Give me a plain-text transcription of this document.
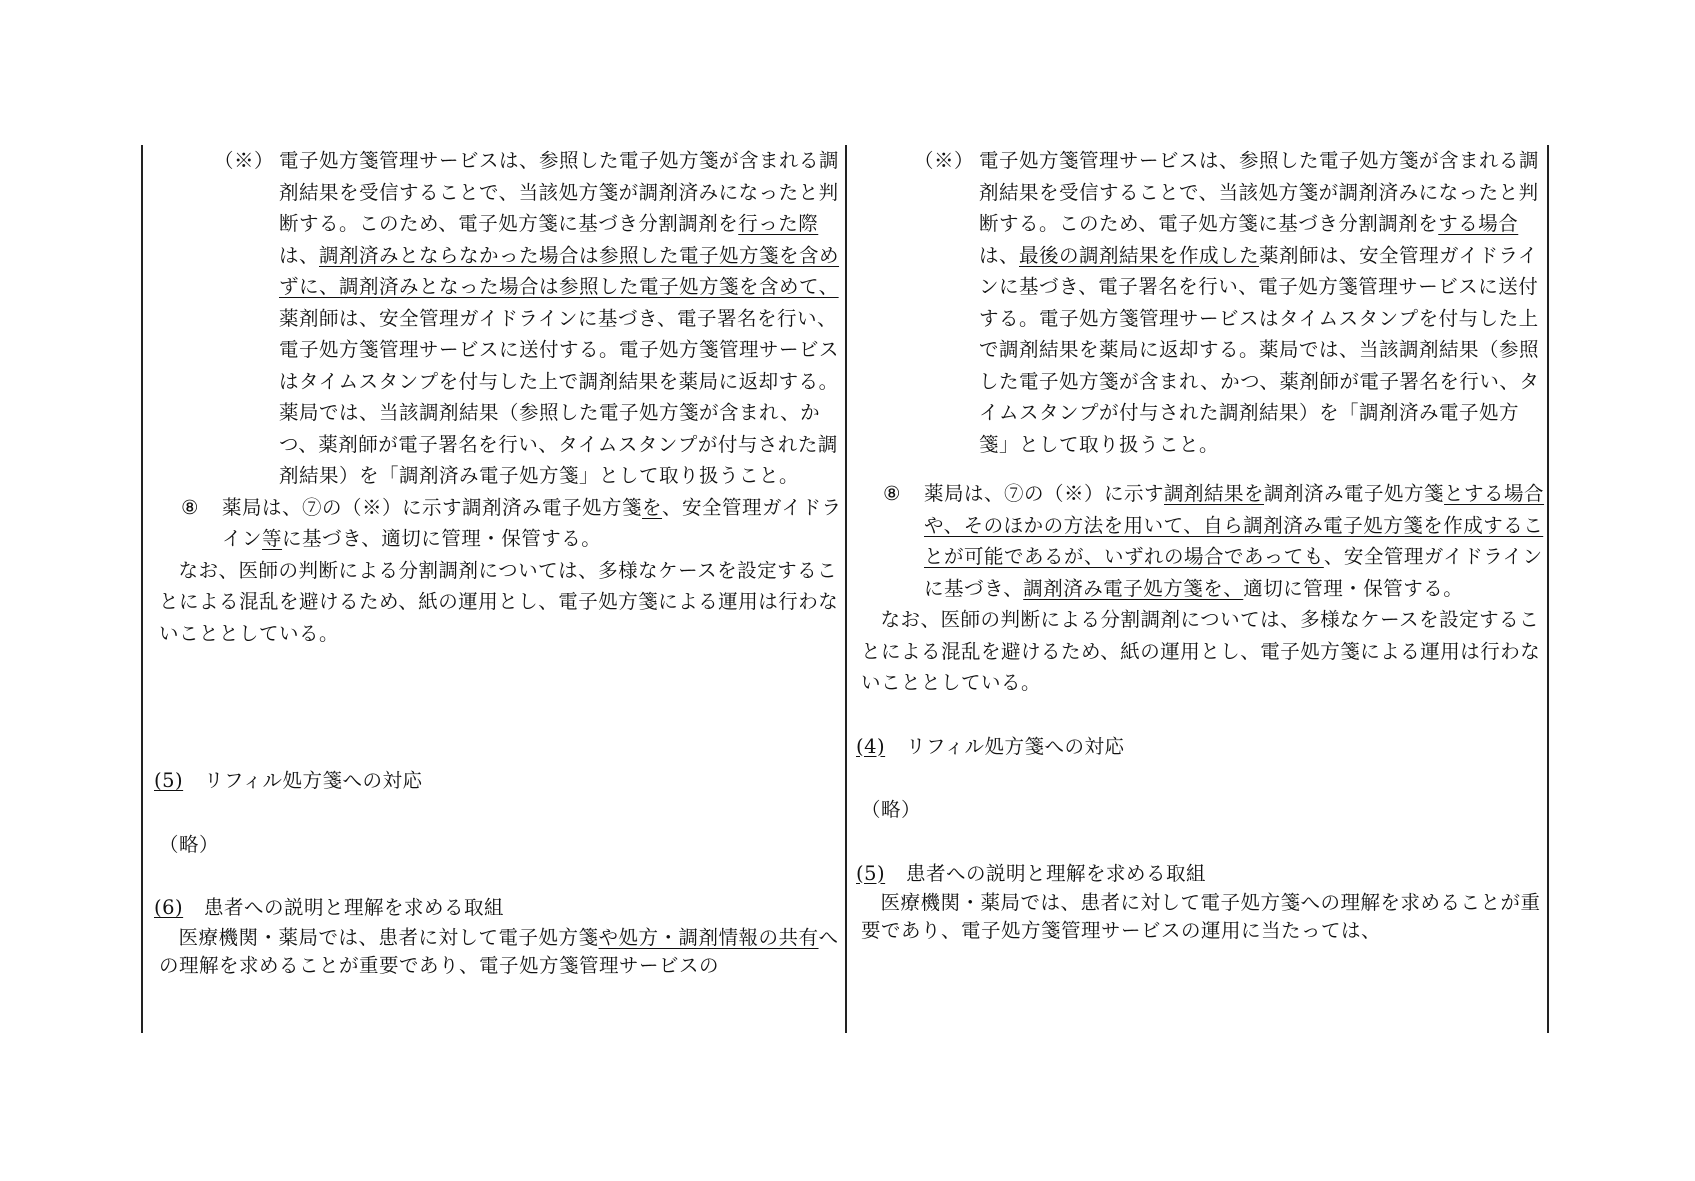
（※） 電子処方箋管理サービスは、参照した電子処方箋が含まれる調剤結果を受信することで、当該処方箋が調剤済みになったと判断する。このため、電子処方箋に基づき分割調剤を行った際は、調剤済みとならなかった場合は参照した電子処方箋を含めずに、調剤済みとなった場合は参照した電子処方箋を含めて、薬剤師は、安全管理ガイドラインに基づき、電子署名を行い、電子処方箋管理サービスに送付する。電子処方箋管理サービスはタイムスタンプを付与した上で調剤結果を薬局に返却する。薬局では、当該調剤結果（参照した電子処方箋が含まれ、かつ、薬剤師が電子署名を行い、タイムスタンプが付与された調剤結果）を「調剤済み電子処方箋」として取り扱うこと。
⑧	薬局は、⑦の（※）に示す調剤済み電子処方箋を、安全管理ガイドライン等に基づき、適切に管理・保管する。
なお、医師の判断による分割調剤については、多様なケースを設定することによる混乱を避けるため、紙の運用とし、電子処方箋による運用は行わないこととしている。
(5)	リフィル処方箋への対応
（略）
(6)	患者への説明と理解を求める取組
医療機関・薬局では、患者に対して電子処方箋や処方・調剤情報の共有への理解を求めることが重要であり、電子処方箋管理サービスの
（※） 電子処方箋管理サービスは、参照した電子処方箋が含まれる調剤結果を受信することで、当該処方箋が調剤済みになったと判断する。このため、電子処方箋に基づき分割調剤をする場合は、最後の調剤結果を作成した薬剤師は、安全管理ガイドラインに基づき、電子署名を行い、電子処方箋管理サービスに送付する。電子処方箋管理サービスはタイムスタンプを付与した上で調剤結果を薬局に返却する。薬局では、当該調剤結果（参照した電子処方箋が含まれ、かつ、薬剤師が電子署名を行い、タイムスタンプが付与された調剤結果）を「調剤済み電子処方箋」として取り扱うこと。
⑧	薬局は、⑦の（※）に示す調剤結果を調剤済み電子処方箋とする場合や、そのほかの方法を用いて、自ら調剤済み電子処方箋を作成することが可能であるが、いずれの場合であっても、安全管理ガイドラインに基づき、調剤済み電子処方箋を、適切に管理・保管する。
なお、医師の判断による分割調剤については、多様なケースを設定することによる混乱を避けるため、紙の運用とし、電子処方箋による運用は行わないこととしている。
(4)	リフィル処方箋への対応
（略）
(5)	患者への説明と理解を求める取組
医療機関・薬局では、患者に対して電子処方箋への理解を求めることが重要であり、電子処方箋管理サービスの運用に当たっては、
